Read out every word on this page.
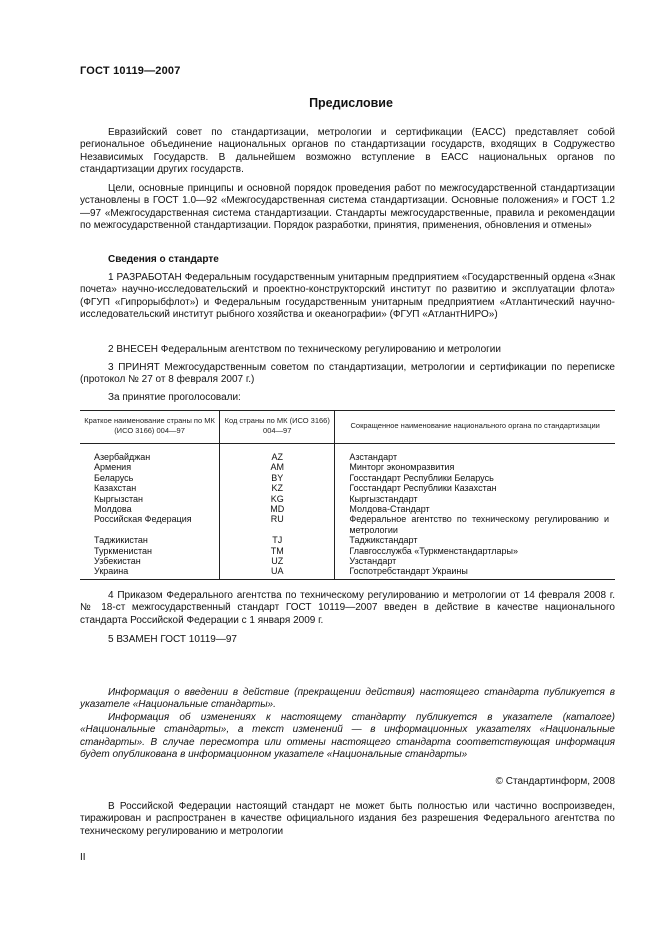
ГОСТ 10119—2007
Предисловие

Евразийский совет по стандартизации, метрологии и сертификации (ЕАСС) представляет собой региональное объединение национальных органов по стандартизации государств, входящих в Содружество Независимых Государств. В дальнейшем возможно вступление в ЕАСС национальных органов по стандартизации других государств.

Цели, основные принципы и основной порядок проведения работ по межгосударственной стандартизации установлены в ГОСТ 1.0—92 «Межгосударственная система стандартизации. Основные положения» и ГОСТ 1.2—97 «Межгосударственная система стандартизации. Стандарты межгосударственные, правила и рекомендации по межгосударственной стандартизации. Порядок разработки, принятия, применения, обновления и отмены»

Сведения о стандарте

1 РАЗРАБОТАН Федеральным государственным унитарным предприятием «Государственный ордена «Знак почета» научно-исследовательский и проектно-конструкторский институт по развитию и эксплуатации флота» (ФГУП «Гипрорыбфлот») и Федеральным государственным унитарным предприятием «Атлантический научно-исследовательский институт рыбного хозяйства и океанографии» (ФГУП «АтлантНИРО»)

2 ВНЕСЕН Федеральным агентством по техническому регулированию и метрологии

3 ПРИНЯТ Межгосударственным советом по стандартизации, метрологии и сертификации по переписке (протокол № 27 от 8 февраля 2007 г.)

За принятие проголосовали:

Краткое наименование страны по МК (ИСО 3166) 004—97	Код страны по МК (ИСО 3166) 004—97	Сокращенное наименование национального органа по стандартизации

Азербайджан	AZ	Азстандарт
Армения	AM	Минторг экономразвития
Беларусь	BY	Госстандарт Республики Беларусь
Казахстан	KZ	Госстандарт Республики Казахстан
Кыргызстан	KG	Кыргызстандарт
Молдова	MD	Молдова-Стандарт
Российская Федерация	RU	Федеральное агентство по техническому регулированию и метрологии
Таджикистан	TJ	Таджикстандарт
Туркменистан	TM	Главгосслужба «Туркменстандартлары»
Узбекистан	UZ	Узстандарт
Украина	UA	Госпотребстандарт Украины

4 Приказом Федерального агентства по техническому регулированию и метрологии от 14 февраля 2008 г. № 18-ст межгосударственный стандарт ГОСТ 10119—2007 введен в действие в качестве национального стандарта Российской Федерации с 1 января 2009 г.

5 ВЗАМЕН ГОСТ 10119—97

Информация о введении в действие (прекращении действия) настоящего стандарта публикуется в указателе «Национальные стандарты».

Информация об изменениях к настоящему стандарту публикуется в указателе (каталоге) «Национальные стандарты», а текст изменений — в информационных указателях «Национальные стандарты». В случае пересмотра или отмены настоящего стандарта соответствующая информация будет опубликована в информационном указателе «Национальные стандарты»

© Стандартинформ, 2008

В Российской Федерации настоящий стандарт не может быть полностью или частично воспроизведен, тиражирован и распространен в качестве официального издания без разрешения Федерального агентства по техническому регулированию и метрологии

II
